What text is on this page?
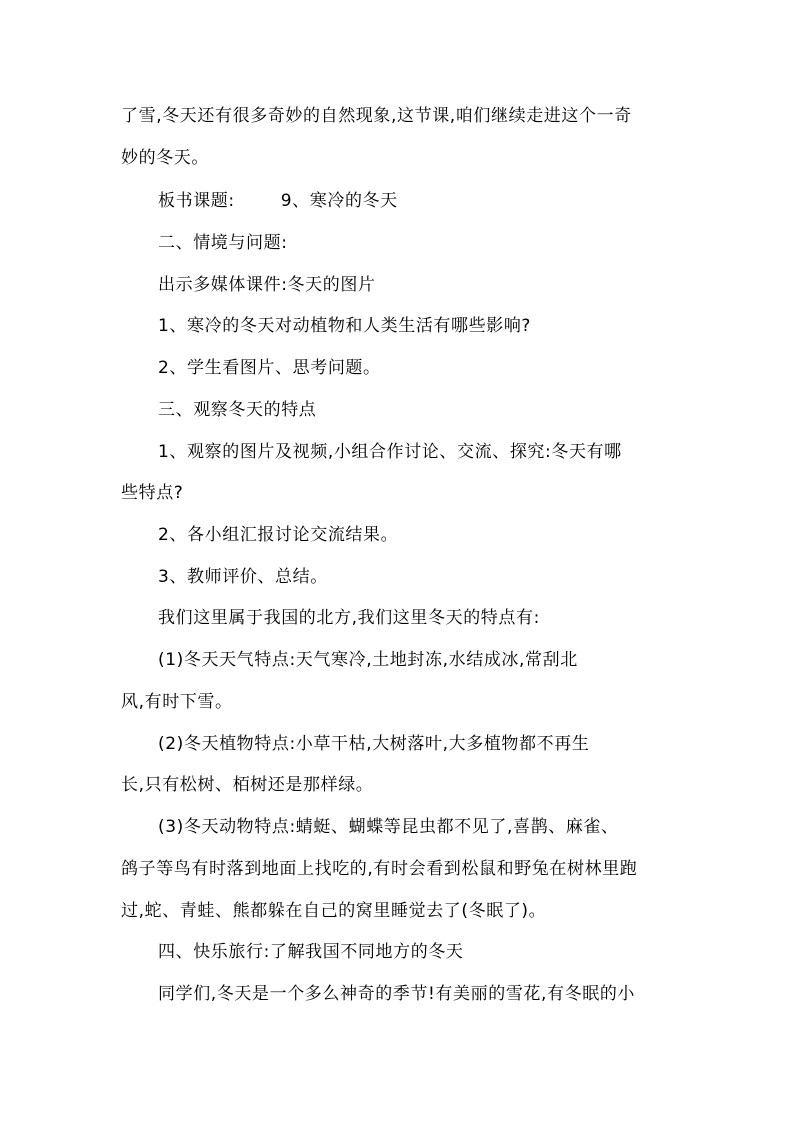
了雪,冬天还有很多奇妙的自然现象,这节课,咱们继续走进这个一奇
妙的冬天。
板书课题:	9、寒冷的冬天
二、情境与问题:
出示多媒体课件:冬天的图片
1、寒冷的冬天对动植物和人类生活有哪些影响?
2、学生看图片、思考问题。
三、观察冬天的特点
1、观察的图片及视频,小组合作讨论、交流、探究:冬天有哪
些特点?
2、各小组汇报讨论交流结果。
3、教师评价、总结。
我们这里属于我国的北方,我们这里冬天的特点有:
(1)冬天天气特点:天气寒冷,土地封冻,水结成冰,常刮北
风,有时下雪。
(2)冬天植物特点:小草干枯,大树落叶,大多植物都不再生
长,只有松树、栢树还是那样绿。
(3)冬天动物特点:蜻蜓、蝴蝶等昆虫都不见了,喜鹊、麻雀、
鸽子等鸟有时落到地面上找吃的,有时会看到松鼠和野兔在树林里跑
过,蛇、青蛙、熊都躲在自己的窝里睡觉去了(冬眠了)。
四、快乐旅行:了解我国不同地方的冬天
同学们,冬天是一个多么神奇的季节!有美丽的雪花,有冬眠的小
